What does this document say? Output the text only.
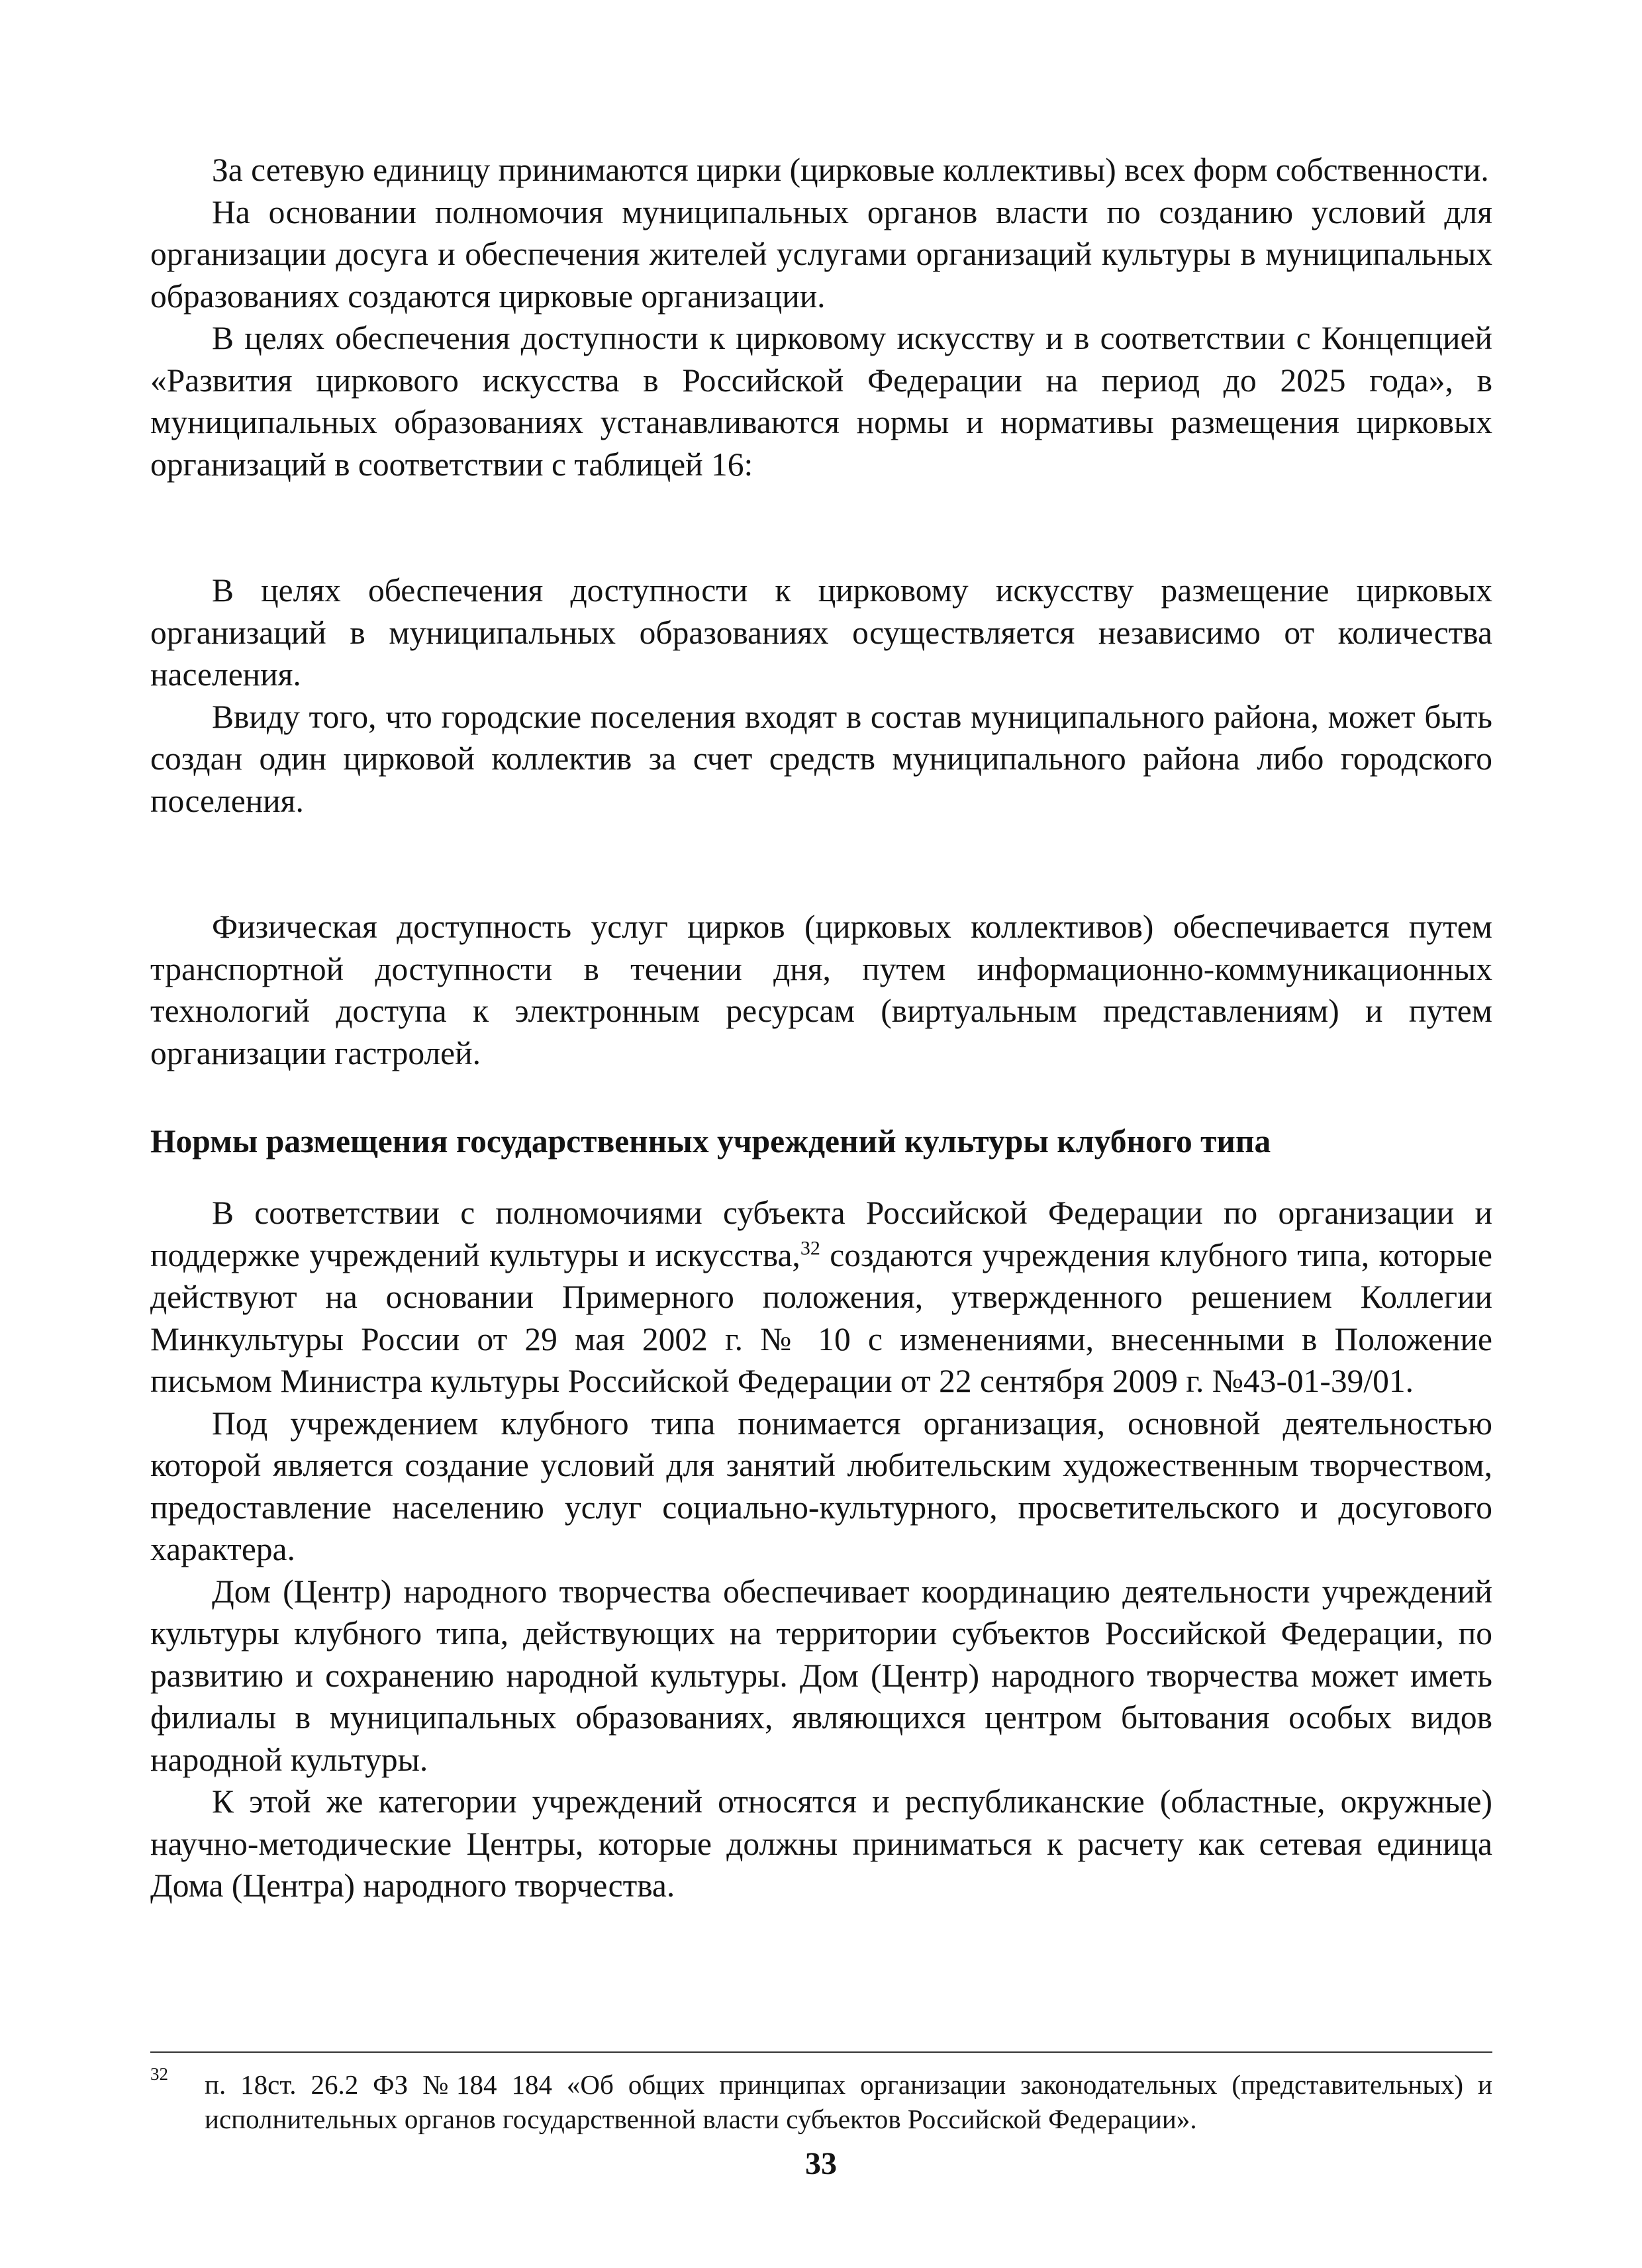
За сетевую единицу принимаются цирки (цирковые коллективы) всех форм собственности.

На основании полномочия муниципальных органов власти по созданию условий для организации досуга и обеспечения жителей услугами организаций культуры в муниципальных образованиях создаются цирковые организации.

В целях обеспечения доступности к цирковому искусству и в соответствии с Концепцией «Развития циркового искусства в Российской Федерации на период до 2025 года», в муниципальных образованиях устанавливаются нормы и нормативы размещения цирковых организаций в соответствии с таблицей 16:

В целях обеспечения доступности к цирковому искусству размещение цирковых организаций в муниципальных образованиях осуществляется независимо от количества населения.

Ввиду того, что городские поселения входят в состав муниципального района, может быть создан один цирковой коллектив за счет средств муниципального района либо городского поселения.

Физическая доступность услуг цирков (цирковых коллективов) обеспечивается путем транспортной доступности в течении дня, путем информационно-коммуникационных технологий доступа к электронным ресурсам (виртуальным представлениям) и путем организации гастролей.

Нормы размещения государственных учреждений культуры клубного типа

В соответствии с полномочиями субъекта Российской Федерации по организации и поддержке учреждений культуры и искусства,$^{32}$ создаются учреждения клубного типа, которые действуют на основании Примерного положения, утвержденного решением Коллегии Минкультуры России от 29 мая 2002 г. № 10 с изменениями, внесенными в Положение письмом Министра культуры Российской Федерации от 22 сентября 2009 г. №43-01-39/01.

Под учреждением клубного типа понимается организация, основной деятельностью которой является создание условий для занятий любительским художественным творчеством, предоставление населению услуг социально-культурного, просветительского и досугового характера.

Дом (Центр) народного творчества обеспечивает координацию деятельности учреждений культуры клубного типа, действующих на территории субъектов Российской Федерации, по развитию и сохранению народной культуры. Дом (Центр) народного творчества может иметь филиалы в муниципальных образованиях, являющихся центром бытования особых видов народной культуры.

К этой же категории учреждений относятся и республиканские (областные, окружные) научно-методические Центры, которые должны приниматься к расчету как сетевая единица Дома (Центра) народного творчества.

32 п. 18ст. 26.2 ФЗ №184 184 «Об общих принципах организации законодательных (представительных) и исполнительных органов государственной власти субъектов Российской Федерации».
33
